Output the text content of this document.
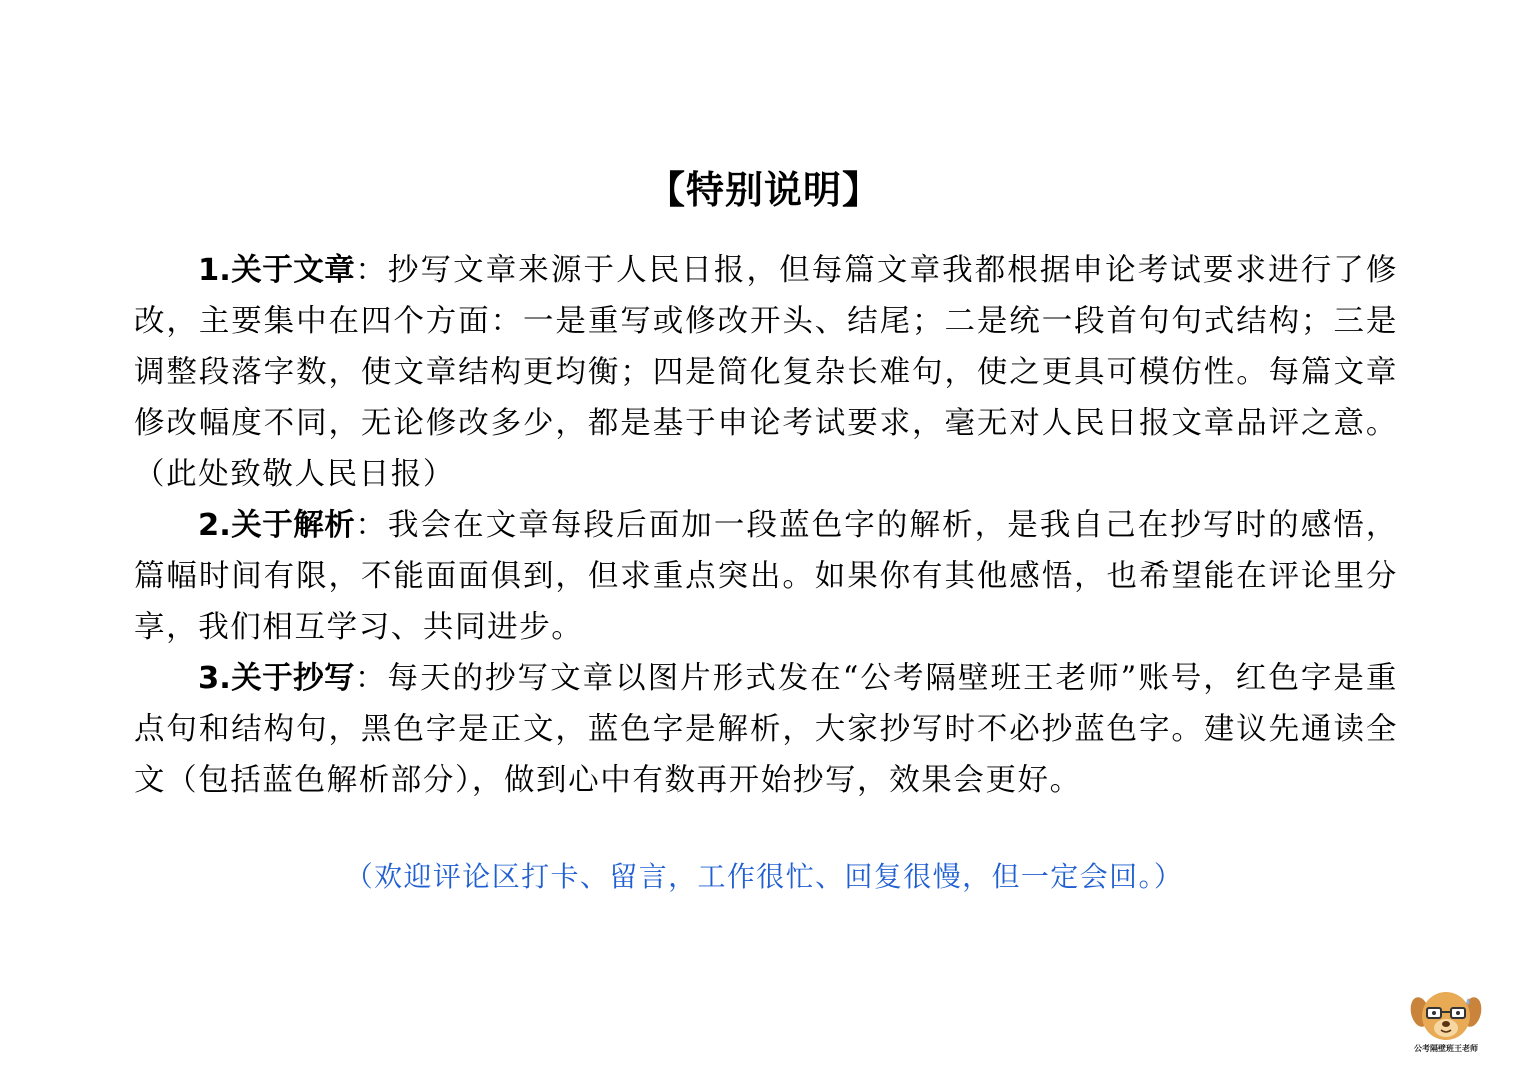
【特别说明】

1.关于文章：抄写文章来源于人民日报，但每篇文章我都根据申论考试要求进行了修改，主要集中在四个方面：一是重写或修改开头、结尾；二是统一段首句句式结构；三是调整段落字数，使文章结构更均衡；四是简化复杂长难句，使之更具可模仿性。每篇文章修改幅度不同，无论修改多少，都是基于申论考试要求，毫无对人民日报文章品评之意。（此处致敬人民日报）

2.关于解析：我会在文章每段后面加一段蓝色字的解析，是我自己在抄写时的感悟，篇幅时间有限，不能面面俱到，但求重点突出。如果你有其他感悟，也希望能在评论里分享，我们相互学习、共同进步。

3.关于抄写：每天的抄写文章以图片形式发在“公考隔壁班王老师”账号，红色字是重点句和结构句，黑色字是正文，蓝色字是解析，大家抄写时不必抄蓝色字。建议先通读全文（包括蓝色解析部分），做到心中有数再开始抄写，效果会更好。

（欢迎评论区打卡、留言，工作很忙、回复很慢，但一定会回。）
公考隔壁班王老师
